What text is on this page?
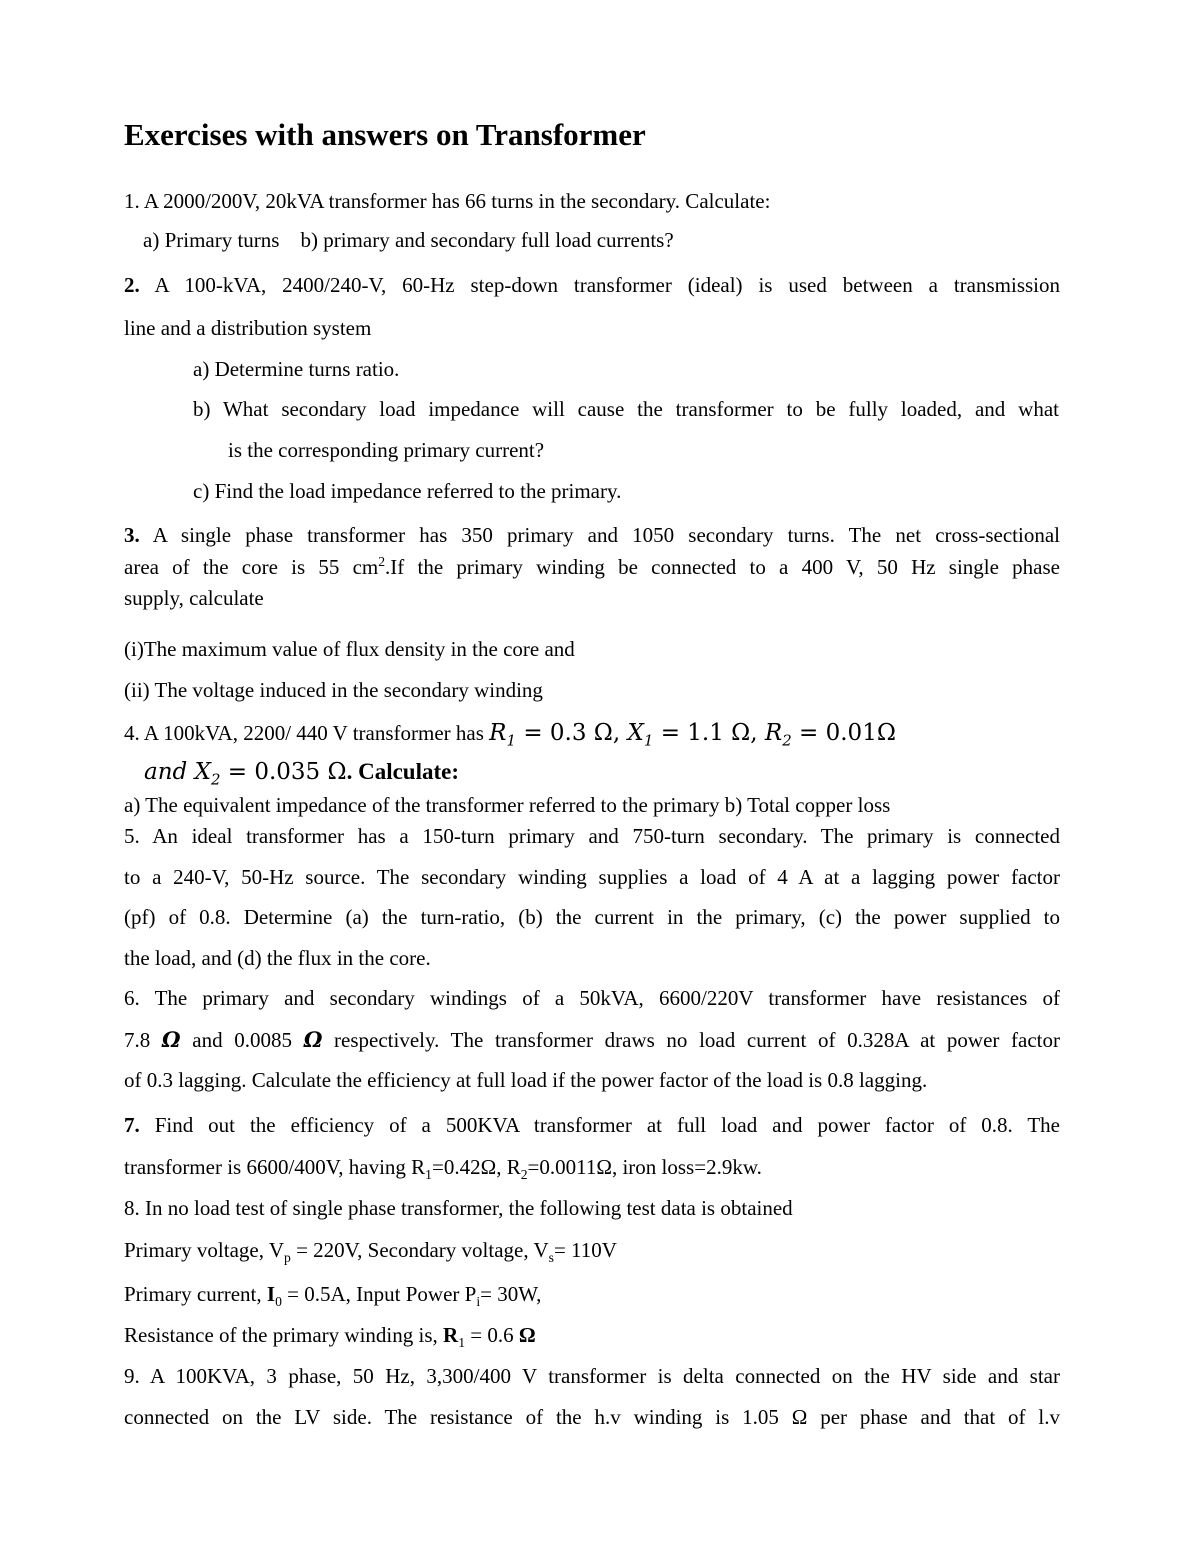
Exercises with answers on Transformer
1. A 2000/200V, 20kVA transformer has 66 turns in the secondary. Calculate:
a) Primary turns    b) primary and secondary full load currents?
2. A 100-kVA, 2400/240-V, 60-Hz step-down transformer (ideal) is used between a transmission
line and a distribution system
a) Determine turns ratio.
b) What secondary load impedance will cause the transformer to be fully loaded, and what
is the corresponding primary current?
c) Find the load impedance referred to the primary.
3. A single phase transformer has 350 primary and 1050 secondary turns. The net cross-sectional
area of the core is 55 $cm^2.If$ the primary winding be connected to a 400 V, 50 Hz single phase
supply, calculate
(i)The maximum value of flux density in the core and
(ii) The voltage induced in the secondary winding
4. A 100kVA, 2200/ 440 V transformer has $R_1 = 0.3$ Ω, $X_1 = 1.1$ Ω, $R_2 = 0.01\Omega$
and $X_2 = 0.035$ Ω. Calculate:
a) The equivalent impedance of the transformer referred to the primary b) Total copper loss
5. An ideal transformer has a 150-turn primary and 750-turn secondary. The primary is connected
to a 240-V, 50-Hz source. The secondary winding supplies a load of 4 A at a lagging power factor
(pf) of 0.8. Determine (a) the turn-ratio, (b) the current in the primary, (c) the power supplied to
the load, and (d) the flux in the core.
6. The primary and secondary windings of a 50kVA, 6600/220V transformer have resistances of
7.8 Ω and 0.0085 Ω respectively. The transformer draws no load current of 0.328A at power factor
of 0.3 lagging. Calculate the efficiency at full load if the power factor of the load is 0.8 lagging.
7. Find out the efficiency of a 500KVA transformer at full load and power factor of 0.8. The
transformer is 6600/400V, having $R_1=0.42\Omega$, $R_2=0.0011\Omega$, iron loss=2.9kw.
8. In no load test of single phase transformer, the following test data is obtained
Primary voltage, $V_p = 220V$, Secondary voltage, $V_s= 110V$
Primary current, $I_0 = 0.5A$, Input Power $P_i= 30W$,
Resistance of the primary winding is, $R_1 = 0.6$ Ω
9. A 100KVA, 3 phase, 50 Hz, 3,300/400 V transformer is delta connected on the HV side and star
connected on the LV side. The resistance of the h.v winding is 1.05 Ω per phase and that of l.v
